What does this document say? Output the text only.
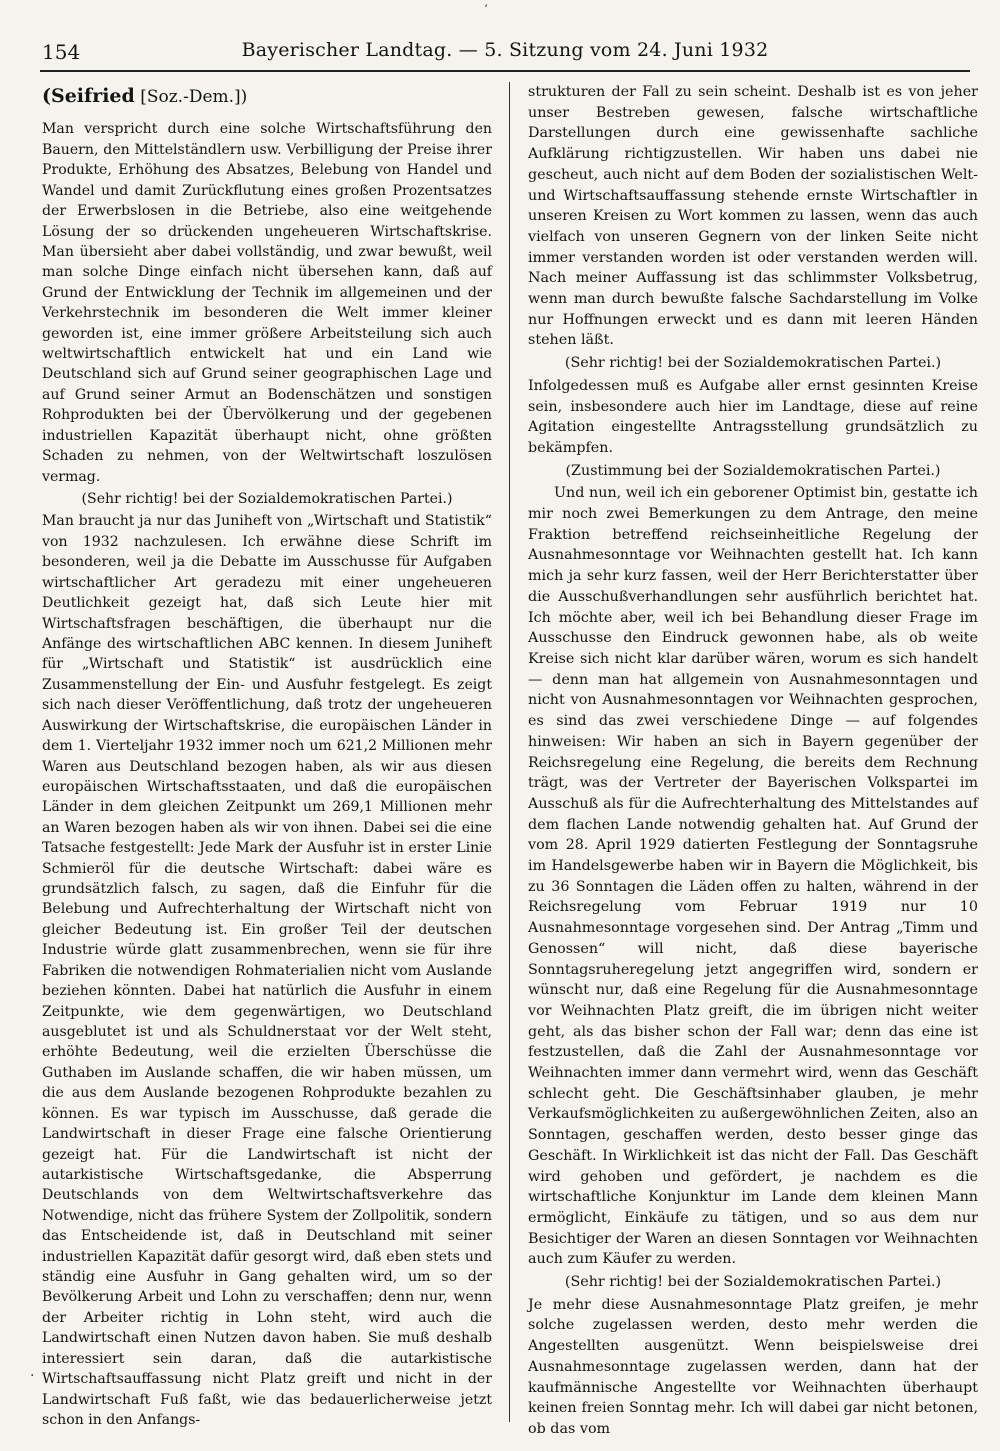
‘
154	Bayerischer Landtag. — 5. Sitzung vom 24. Juni 1932
(Seifried [Soz.-Dem.])

Man verspricht durch eine solche Wirtschaftsführung den Bauern, den Mittelständlern usw. Verbilligung der Preise ihrer Produkte, Erhöhung des Absatzes, Belebung von Handel und Wandel und damit Zurückflutung eines großen Prozentsatzes der Erwerbslosen in die Betriebe, also eine weitgehende Lösung der so drückenden ungeheueren Wirtschaftskrise. Man übersieht aber dabei vollständig, und zwar bewußt, weil man solche Dinge einfach nicht übersehen kann, daß auf Grund der Entwicklung der Technik im allgemeinen und der Verkehrstechnik im besonderen die Welt immer kleiner geworden ist, eine immer größere Arbeitsteilung sich auch weltwirtschaftlich entwickelt hat und ein Land wie Deutschland sich auf Grund seiner geographischen Lage und auf Grund seiner Armut an Bodenschätzen und sonstigen Rohprodukten bei der Übervölkerung und der gegebenen industriellen Kapazität überhaupt nicht, ohne größten Schaden zu nehmen, von der Weltwirtschaft loszulösen vermag.

(Sehr richtig! bei der Sozialdemokratischen Partei.)

Man braucht ja nur das Juniheft von „Wirtschaft und Statistik“ von 1932 nachzulesen. Ich erwähne diese Schrift im besonderen, weil ja die Debatte im Ausschusse für Aufgaben wirtschaftlicher Art geradezu mit einer ungeheueren Deutlichkeit gezeigt hat, daß sich Leute hier mit Wirtschaftsfragen beschäftigen, die überhaupt nur die Anfänge des wirtschaftlichen ABC kennen. In diesem Juniheft für „Wirtschaft und Statistik“ ist ausdrücklich eine Zusammenstellung der Ein- und Ausfuhr festgelegt. Es zeigt sich nach dieser Veröffentlichung, daß trotz der ungeheueren Auswirkung der Wirtschaftskrise, die europäischen Länder in dem 1. Vierteljahr 1932 immer noch um 621,2 Millionen mehr Waren aus Deutschland bezogen haben, als wir aus diesen europäischen Wirtschaftsstaaten, und daß die europäischen Länder in dem gleichen Zeitpunkt um 269,1 Millionen mehr an Waren bezogen haben als wir von ihnen. Dabei sei die eine Tatsache festgestellt: Jede Mark der Ausfuhr ist in erster Linie Schmieröl für die deutsche Wirtschaft: dabei wäre es grundsätzlich falsch, zu sagen, daß die Einfuhr für die Belebung und Aufrechterhaltung der Wirtschaft nicht von gleicher Bedeutung ist. Ein großer Teil der deutschen Industrie würde glatt zusammenbrechen, wenn sie für ihre Fabriken die notwendigen Rohmaterialien nicht vom Auslande beziehen könnten. Dabei hat natürlich die Ausfuhr in einem Zeitpunkte, wie dem gegenwärtigen, wo Deutschland ausgeblutet ist und als Schuldnerstaat vor der Welt steht, erhöhte Bedeutung, weil die erzielten Überschüsse die Guthaben im Auslande schaffen, die wir haben müssen, um die aus dem Auslande bezogenen Rohprodukte bezahlen zu können. Es war typisch im Ausschusse, daß gerade die Landwirtschaft in dieser Frage eine falsche Orientierung gezeigt hat. Für die Landwirtschaft ist nicht der autarkistische Wirtschaftsgedanke, die Absperrung Deutschlands von dem Weltwirtschaftsverkehre das Notwendige, nicht das frühere System der Zollpolitik, sondern das Entscheidende ist, daß in Deutschland mit seiner industriellen Kapazität dafür gesorgt wird, daß eben stets und ständig eine Ausfuhr in Gang gehalten wird, um so der Bevölkerung Arbeit und Lohn zu verschaffen; denn nur, wenn der Arbeiter richtig in Lohn steht, wird auch die Landwirtschaft einen Nutzen davon haben. Sie muß deshalb interessiert sein daran, daß die autarkistische Wirtschaftsauffassung nicht Platz greift und nicht in der Landwirtschaft Fuß faßt, wie das bedauerlicherweise jetzt schon in den Anfangs-

strukturen der Fall zu sein scheint. Deshalb ist es von jeher unser Bestreben gewesen, falsche wirtschaftliche Darstellungen durch eine gewissenhafte sachliche Aufklärung richtigzustellen. Wir haben uns dabei nie gescheut, auch nicht auf dem Boden der sozialistischen Welt- und Wirtschaftsauffassung stehende ernste Wirtschaftler in unseren Kreisen zu Wort kommen zu lassen, wenn das auch vielfach von unseren Gegnern von der linken Seite nicht immer verstanden worden ist oder verstanden werden will. Nach meiner Auffassung ist das schlimmster Volksbetrug, wenn man durch bewußte falsche Sachdarstellung im Volke nur Hoffnungen erweckt und es dann mit leeren Händen stehen läßt.

(Sehr richtig! bei der Sozialdemokratischen Partei.)

Infolgedessen muß es Aufgabe aller ernst gesinnten Kreise sein, insbesondere auch hier im Landtage, diese auf reine Agitation eingestellte Antragsstellung grundsätzlich zu bekämpfen.

(Zustimmung bei der Sozialdemokratischen Partei.)

Und nun, weil ich ein geborener Optimist bin, gestatte ich mir noch zwei Bemerkungen zu dem Antrage, den meine Fraktion betreffend reichseinheitliche Regelung der Ausnahmesonntage vor Weihnachten gestellt hat. Ich kann mich ja sehr kurz fassen, weil der Herr Berichterstatter über die Ausschußverhandlungen sehr ausführlich berichtet hat. Ich möchte aber, weil ich bei Behandlung dieser Frage im Ausschusse den Eindruck gewonnen habe, als ob weite Kreise sich nicht klar darüber wären, worum es sich handelt — denn man hat allgemein von Ausnahmesonntagen und nicht von Ausnahmesonntagen vor Weihnachten gesprochen, es sind das zwei verschiedene Dinge — auf folgendes hinweisen: Wir haben an sich in Bayern gegenüber der Reichsregelung eine Regelung, die bereits dem Rechnung trägt, was der Vertreter der Bayerischen Volkspartei im Ausschuß als für die Aufrechterhaltung des Mittelstandes auf dem flachen Lande notwendig gehalten hat. Auf Grund der vom 28. April 1929 datierten Festlegung der Sonntagsruhe im Handelsgewerbe haben wir in Bayern die Möglichkeit, bis zu 36 Sonntagen die Läden offen zu halten, während in der Reichsregelung vom Februar 1919 nur 10 Ausnahmesonntage vorgesehen sind. Der Antrag „Timm und Genossen“ will nicht, daß diese bayerische Sonntagsruheregelung jetzt angegriffen wird, sondern er wünscht nur, daß eine Regelung für die Ausnahmesonntage vor Weihnachten Platz greift, die im übrigen nicht weiter geht, als das bisher schon der Fall war; denn das eine ist festzustellen, daß die Zahl der Ausnahmesonntage vor Weihnachten immer dann vermehrt wird, wenn das Geschäft schlecht geht. Die Geschäftsinhaber glauben, je mehr Verkaufsmöglichkeiten zu außergewöhnlichen Zeiten, also an Sonntagen, geschaffen werden, desto besser ginge das Geschäft. In Wirklichkeit ist das nicht der Fall. Das Geschäft wird gehoben und gefördert, je nachdem es die wirtschaftliche Konjunktur im Lande dem kleinen Mann ermöglicht, Einkäufe zu tätigen, und so aus dem nur Besichtiger der Waren an diesen Sonntagen vor Weihnachten auch zum Käufer zu werden.

(Sehr richtig! bei der Sozialdemokratischen Partei.)

Je mehr diese Ausnahmesonntage Platz greifen, je mehr solche zugelassen werden, desto mehr werden die Angestellten ausgenützt. Wenn beispielsweise drei Ausnahmesonntage zugelassen werden, dann hat der kaufmännische Angestellte vor Weihnachten überhaupt keinen freien Sonntag mehr. Ich will dabei gar nicht betonen, ob das vom

·
